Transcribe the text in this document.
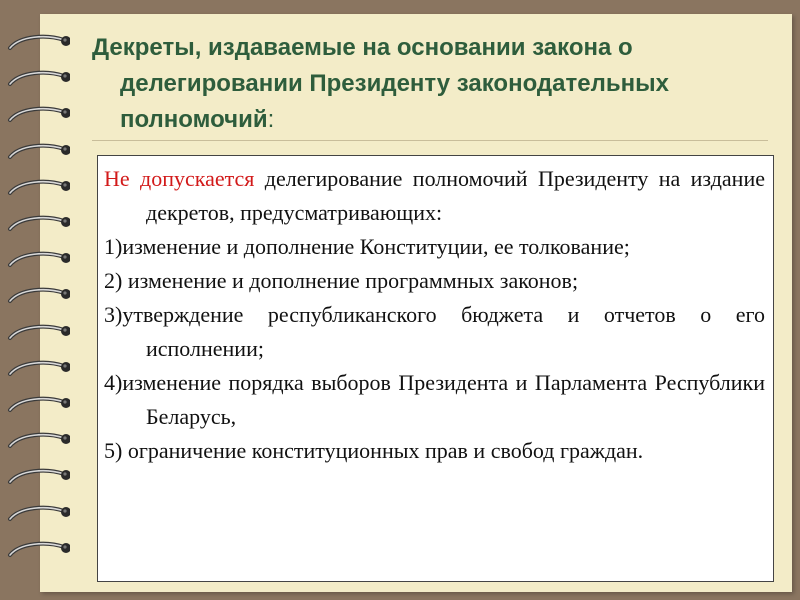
Декреты, издаваемые на основании закона о делегировании Президенту законодательных полномочий:
Не допускается делегирование полномочий Президенту на издание декретов, предусматривающих:
1)изменение и дополнение Конституции, ее толкование;
2) изменение и дополнение программных законов;
3)утверждение республиканского бюджета и отчетов о его исполнении;
4)изменение порядка выборов Президента и Парламента Республики Беларусь,
5) ограничение конституционных прав и свобод граждан.
